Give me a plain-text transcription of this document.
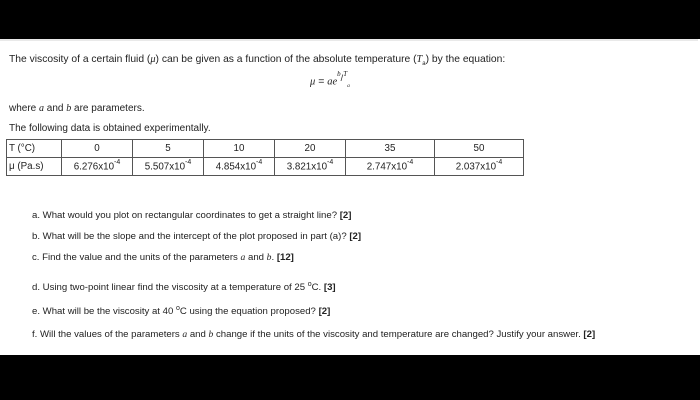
The viscosity of a certain fluid (μ) can be given as a function of the absolute temperature $(T_a)$ by the equation:
$\mu = ae^b/^Ta$
where a and b are parameters.
The following data is obtained experimentally.
T (°C)	0	5	10	20	35	50
μ (Pa.s)	$6.276x10^{-4}$	$5.507x10^{-4}$	$4.854x10^{-4}$	$3.821x10^{-4}$	$2.747x10^{-4}$	$2.037x10^{-4}$
a. What would you plot on rectangular coordinates to get a straight line? [2]
b. What will be the slope and the intercept of the plot proposed in part (a)? [2]
c. Find the value and the units of the parameters a and b. [12]
d. Using two-point linear find the viscosity at a temperature of 25 $^o$C. [3]
e. What will be the viscosity at 40 $^o$C using the equation proposed? [2]
f. Will the values of the parameters a and b change if the units of the viscosity and temperature are changed? Justify your answer. [2]
